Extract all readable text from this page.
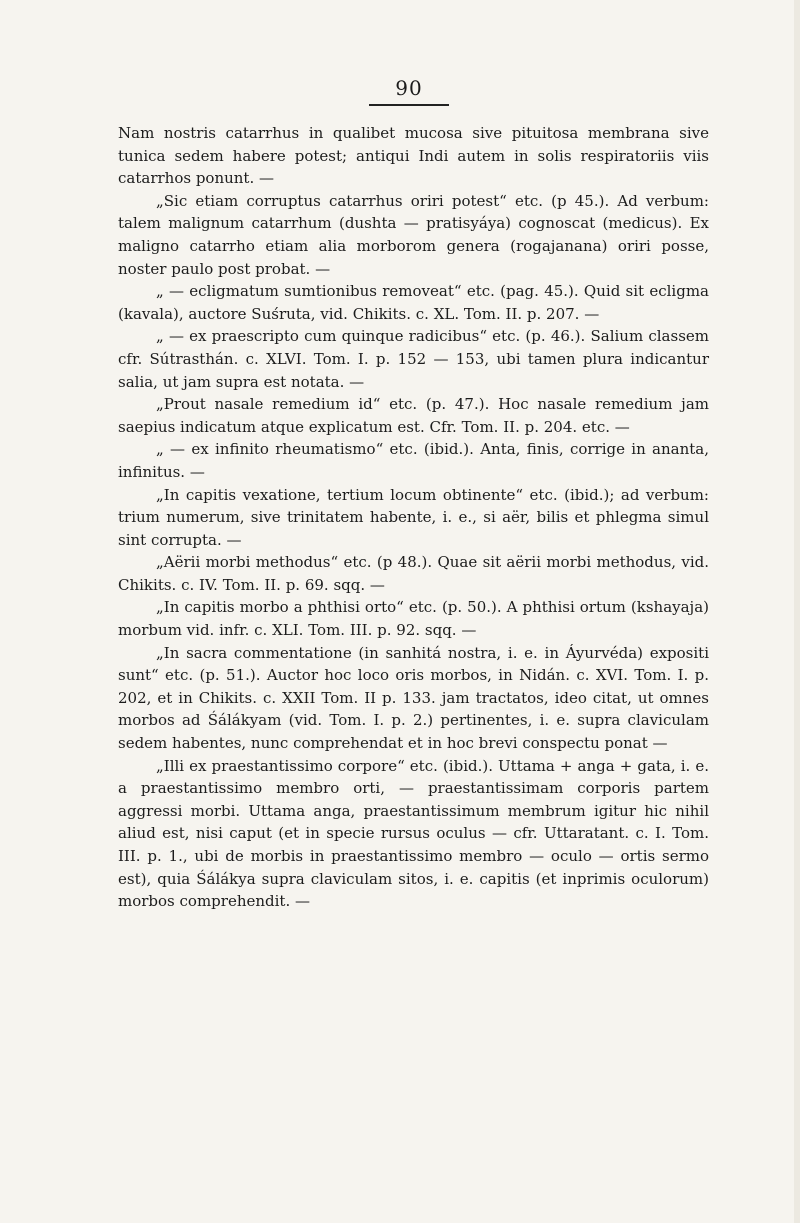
90

Nam nostris catarrhus in qualibet mucosa sive pituitosa membrana sive tunica sedem habere potest; antiqui Indi autem in solis respiratoriis viis catarrhos ponunt. —

„Sic etiam corruptus catarrhus oriri potest“ etc. (p 45.). Ad verbum: talem malignum catarrhum (dushta — pratisyáya) cognoscat (medicus). Ex maligno catarrho etiam alia morborom genera (rogajanana) oriri posse, noster paulo post probat. —

„ — ecligmatum sumtionibus removeat“ etc. (pag. 45.). Quid sit ecligma (kavala), auctore Suśruta, vid. Chikits. c. XL. Tom. II. p. 207. —

„ — ex praescripto cum quinque radicibus“ etc. (p. 46.). Salium classem cfr. Sútrasthán. c. XLVI. Tom. I. p. 152 — 153, ubi tamen plura indicantur salia, ut jam supra est notata. —

„Prout nasale remedium id“ etc. (p. 47.). Hoc nasale remedium jam saepius indicatum atque explicatum est. Cfr. Tom. II. p. 204. etc. —

„ — ex infinito rheumatismo“ etc. (ibid.). Anta, finis, corrige in ananta, infinitus. —

„In capitis vexatione, tertium locum obtinente“ etc. (ibid.); ad verbum: trium numerum, sive trinitatem habente, i. e., si aër, bilis et phlegma simul sint corrupta. —

„Aërii morbi methodus“ etc. (p 48.). Quae sit aërii morbi methodus, vid. Chikits. c. IV. Tom. II. p. 69. sqq. —

„In capitis morbo a phthisi orto“ etc. (p. 50.). A phthisi ortum (kshayaja) morbum vid. infr. c. XLI. Tom. III. p. 92. sqq. —

„In sacra commentatione (in sanhitá nostra, i. e. in Áyurvéda) expositi sunt“ etc. (p. 51.). Auctor hoc loco oris morbos, in Nidán. c. XVI. Tom. I. p. 202, et in Chikits. c. XXII Tom. II p. 133. jam tractatos, ideo citat, ut omnes morbos ad Śálákyam (vid. Tom. I. p. 2.) pertinentes, i. e. supra claviculam sedem habentes, nunc comprehendat et in hoc brevi conspectu ponat —

„Illi ex praestantissimo corpore“ etc. (ibid.). Uttama + anga + gata, i. e. a praestantissimo membro orti, — praestantissimam corporis partem aggressi morbi. Uttama anga, praestantissimum membrum igitur hic nihil aliud est, nisi caput (et in specie rursus oculus — cfr. Uttaratant. c. I. Tom. III. p. 1., ubi de morbis in praestantissimo membro — oculo — ortis sermo est), quia Śálákya supra claviculam sitos, i. e. capitis (et inprimis oculorum) morbos comprehendit. —
